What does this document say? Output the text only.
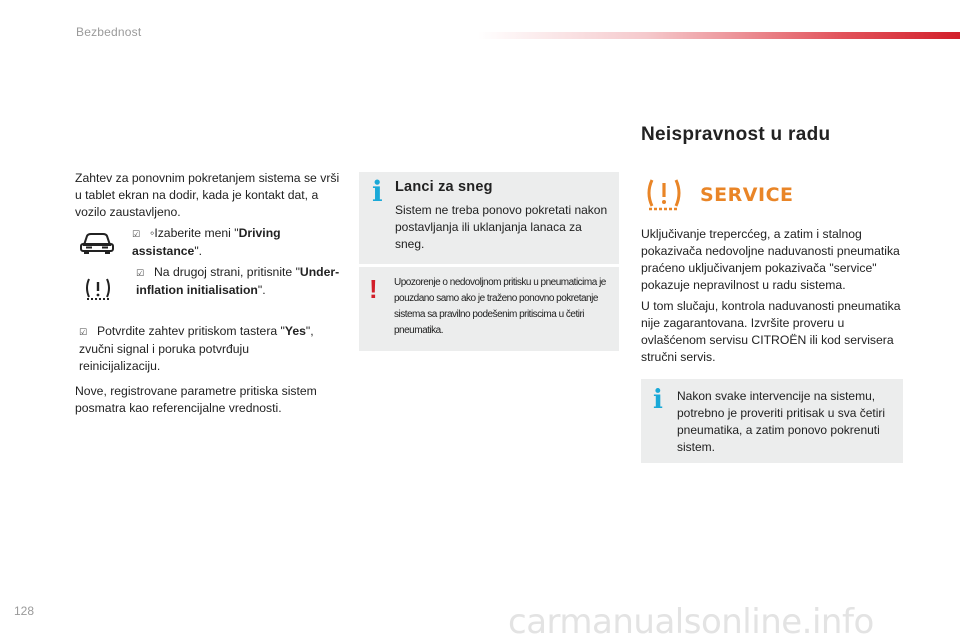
Bezbednost

Zahtev za ponovnim pokretanjem sistema se vrši u tablet ekran na dodir, kada je kontakt dat, a vozilo zaustavljeno.

☑ ◦Izaberite meni "Driving assistance".
☑ Na drugoj strani, pritisnite "Under-inflation initialisation".
☑ Potvrdite zahtev pritiskom tastera "Yes", zvučni signal i poruka potvrđuju reinicijalizaciju.

Nove, registrovane parametre pritiska sistem posmatra kao referencijalne vrednosti.

i Lanci za sneg
Sistem ne treba ponovo pokretati nakon postavljanja ili uklanjanja lanaca za sneg.
! Upozorenje o nedovoljnom pritisku u pneumaticima je pouzdano samo ako je traženo ponovno pokretanje sistema sa pravilno podešenim pritiscima u četiri pneumatika.
Neispravnost u radu
SERVICE

Uključivanje trepercćeg, a zatim i stalnog pokazivača nedovoljne naduvanosti pneumatika praćeno uključivanjem pokazivača "service" pokazuje nepravilnost u radu sistema.

U tom slučaju, kontrola naduvanosti pneumatika nije zagarantovana. Izvršite proveru u ovlašćenom servisu CITROËN ili kod servisera stručni servis.

i Nakon svake intervencije na sistemu, potrebno je proveriti pritisak u sva četiri pneumatika, a zatim ponovo pokrenuti sistem.
128	carmanualsonline.info
